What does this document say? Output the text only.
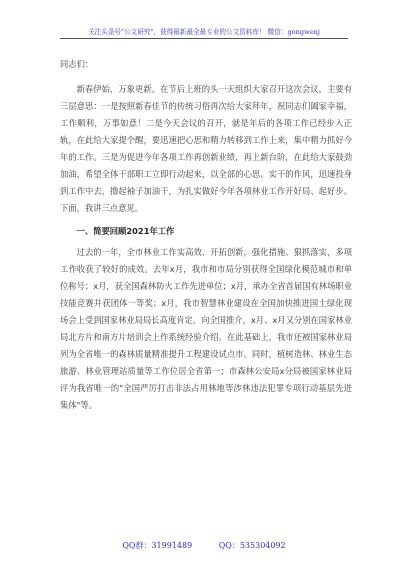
关注头条号"公文研究"，获得最新最全最专业的公文资料库！ 微信：gongwenj

同志们：

新春伊始，万象更新。在节后上班的头一天组织大家召开这次会议，主要有三层意思：一是按照新春佳节的传统习俗再次给大家拜年，祝同志们阖家幸福，工作顺利，万事如意！二是今天会议的召开，就是年后的各项工作已经步入正轨，在此给大家提个醒，要迅速把心思和精力转移到工作上来，集中精力抓好今年的工作。三是为促进今年各项工作再创新业绩，再上新台阶，在此给大家鼓劲加油，希望全体干部职工立即行动起来，以全部的心思、实干的作风，迅速投身到工作中去，撸起袖子加油干，为扎实做好今年各项林业工作开好局、起好步。下面，我讲三点意见。

一、简要回顾2021年工作

过去的一年，全市林业工作实高效、开拓创新，强化措施、狠抓落实，多项工作收获了较好的成效。去年x月，我市和市局分别获得全国绿化模范城市和单位称号；x月，获全国森林防火工作先进单位；x月，承办全省首届国有林场职业技能竞赛并获团体一等奖；x月，我市智慧林业建设在全国加快推进国土绿化现场会上受到国家林业局局长高度肯定，向全国推介，x月、x月又分别在国家林业局北方片和南方片培训会上作系统经验介绍。在此基础上，我市还被国家林业局列为全省唯一的森林质量精准提升工程建设试点市。同时，植树造林、林业生态旅游、林业管理站质量等工作位居全省第一；市森林公安局x分局被国家林业局评为我省唯一的"全国严厉打击非法占用林地等涉林违法犯罪专项行动基层先进集体"等。

QQ群：31991489	QQ：535304092
